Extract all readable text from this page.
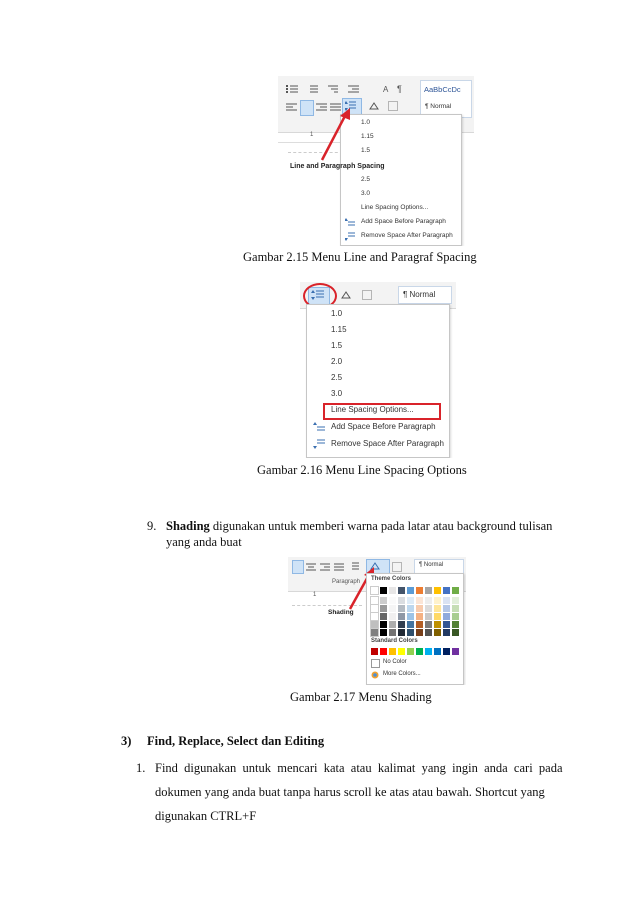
A ¶	AaBbCcDc
¶ Normal
1
1.0
1.15
1.5
2.5
3.0
Line Spacing Options...
Add Space Before Paragraph
Remove Space After Paragraph
Line and Paragraph Spacing
Gambar 2.15 Menu Line and Paragraf Spacing
¶ Normal
1.0
1.15
1.5
2.0
2.5
3.0
Line Spacing Options...
Add Space Before Paragraph
Remove Space After Paragraph
Gambar 2.16 Menu Line Spacing Options
9. Shading digunakan untuk memberi warna pada latar atau background tulisan
yang anda buat
¶ Normal
Paragraph
1
Shading
Theme Colors
Standard Colors
No Color
More Colors...
Gambar 2.17 Menu Shading
3) Find, Replace, Select dan Editing
1. Find  digunakan  untuk  mencari  kata  atau  kalimat  yang  ingin  anda  cari  pada
dokumen yang anda buat tanpa harus scroll ke atas atau bawah. Shortcut yang
digunakan CTRL+F
